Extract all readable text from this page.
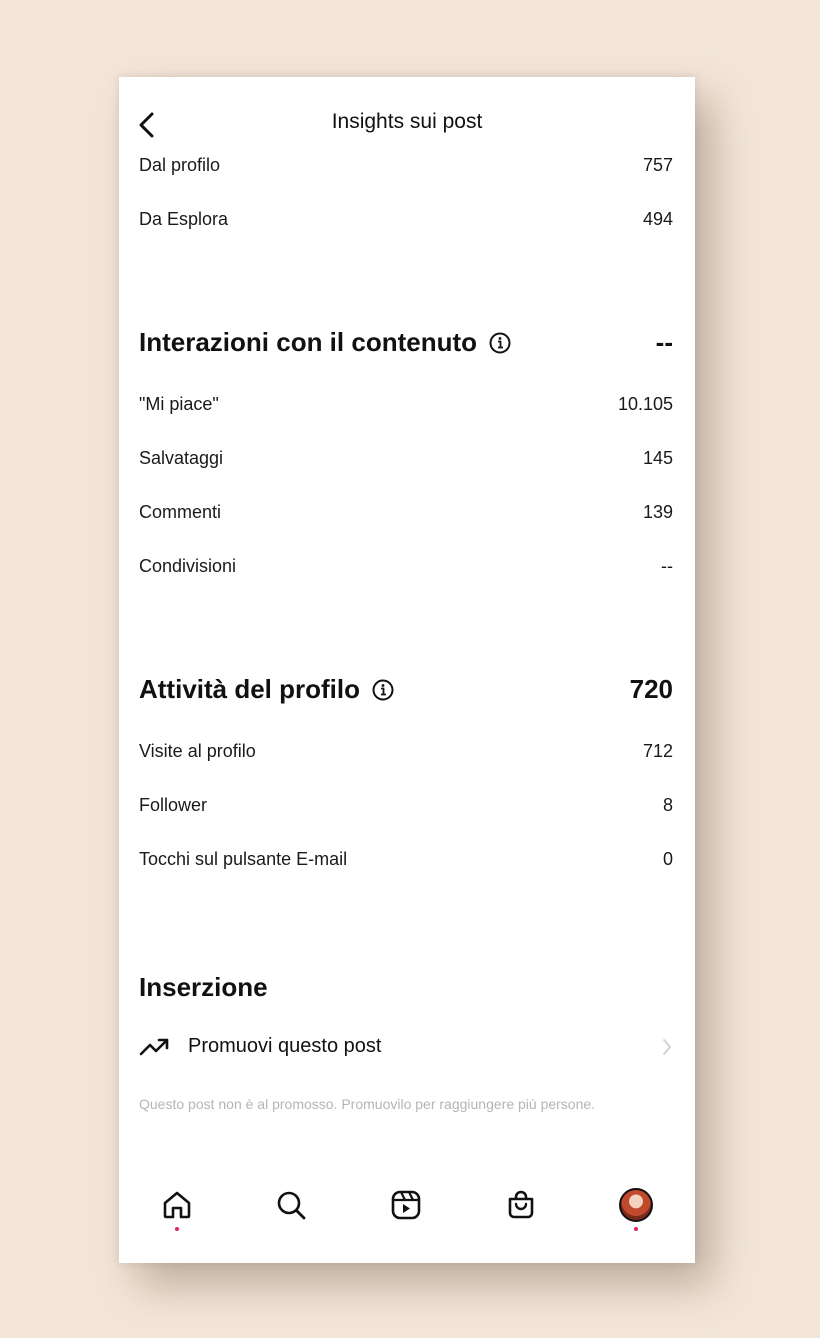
Insights sui post
Dal profilo	757
Da Esplora	494
Interazioni con il contenuto	--
"Mi piace"	10.105
Salvataggi	145
Commenti	139
Condivisioni	--
Attività del profilo	720
Visite al profilo	712
Follower	8
Tocchi sul pulsante E-mail	0
Inserzione
Promuovi questo post
Questo post non è al promosso. Promuovilo per raggiungere più persone.
